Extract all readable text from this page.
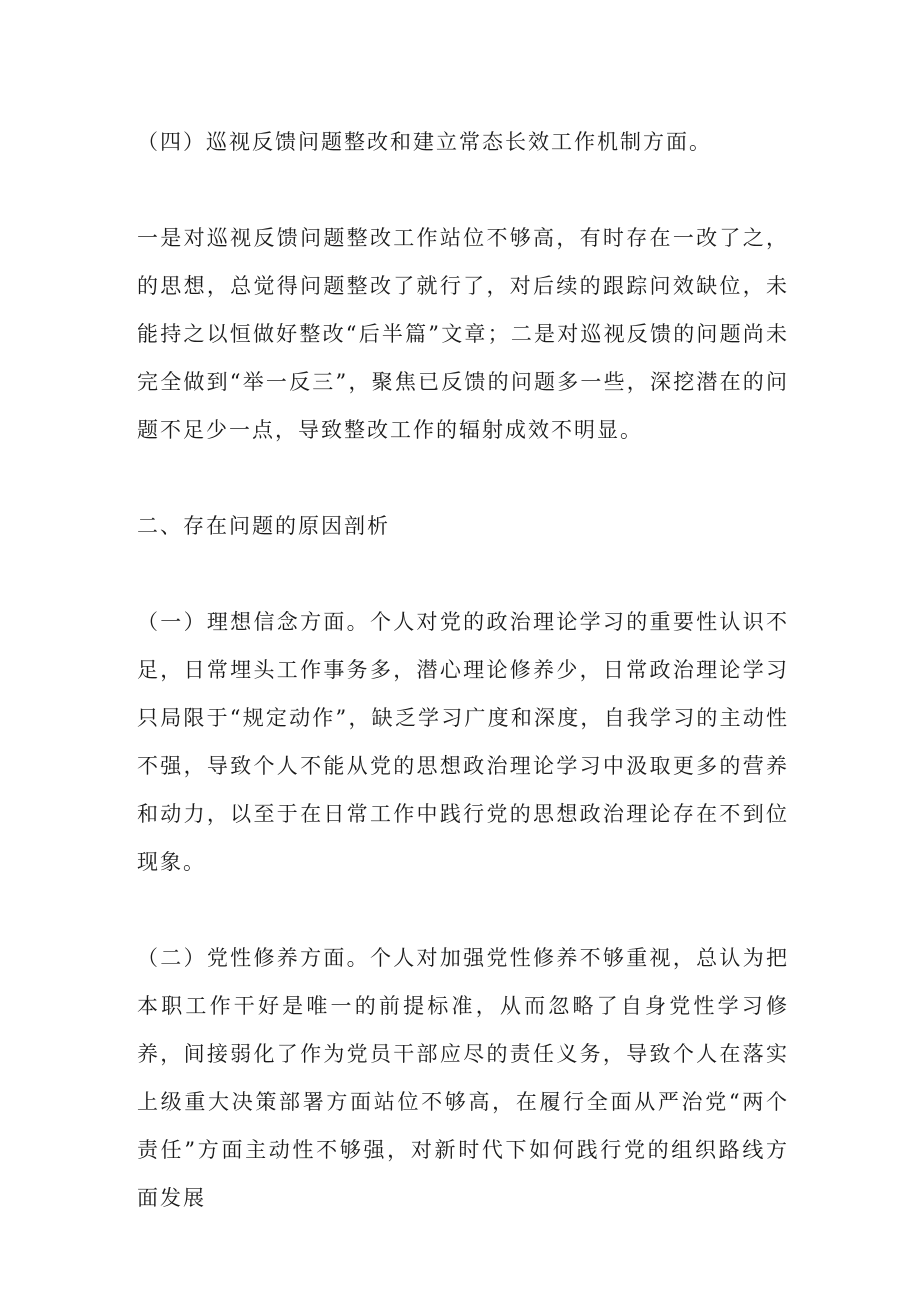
（四）巡视反馈问题整改和建立常态长效工作机制方面。

一是对巡视反馈问题整改工作站位不够高，有时存在一改了之，的思想，总觉得问题整改了就行了，对后续的跟踪问效缺位，未能持之以恒做好整改“后半篇”文章；二是对巡视反馈的问题尚未完全做到“举一反三”，聚焦已反馈的问题多一些，深挖潜在的问题不足少一点，导致整改工作的辐射成效不明显。

二、存在问题的原因剖析

（一）理想信念方面。个人对党的政治理论学习的重要性认识不足，日常埋头工作事务多，潜心理论修养少，日常政治理论学习只局限于“规定动作”，缺乏学习广度和深度，自我学习的主动性不强，导致个人不能从党的思想政治理论学习中汲取更多的营养和动力，以至于在日常工作中践行党的思想政治理论存在不到位现象。

（二）党性修养方面。个人对加强党性修养不够重视，总认为把本职工作干好是唯一的前提标准，从而忽略了自身党性学习修养，间接弱化了作为党员干部应尽的责任义务，导致个人在落实上级重大决策部署方面站位不够高，在履行全面从严治党“两个责任”方面主动性不够强，对新时代下如何践行党的组织路线方面发展
